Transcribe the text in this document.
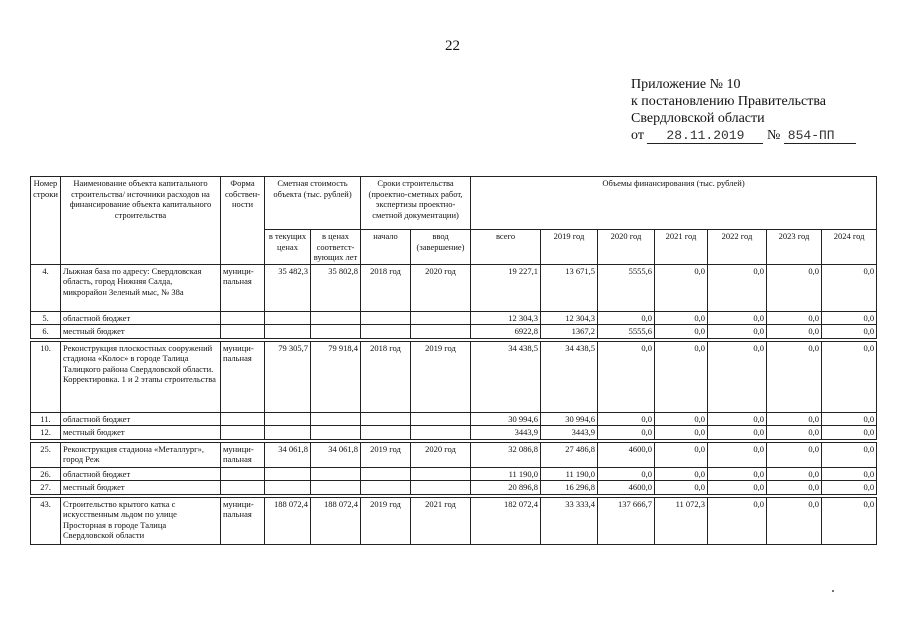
22
Приложение № 10
к постановлению Правительства
Свердловской области
от 28.11.2019 № 854-ПП
Номер строки	Наименование объекта капитального строительства/ источники расходов на финансирование объекта капитального строительства	Форма собствен- ности	Сметная стоимость объекта (тыс. рублей)		Сроки строительства (проектно-сметных работ, экспертизы проектно-сметной документации)		Объемы финансирования (тыс. рублей)						
			в текущих ценах	в ценах соответст- вующих лет	начало	ввод (завершение)	всего	2019 год	2020 год	2021 год	2022 год	2023 год	2024 год
4.	Лыжная база по адресу: Свердловская область, город Нижняя Салда, микрорайон Зеленый мыс, № 38а	муници- пальная	35 482,3	35 802,8	2018 год	2020 год	19 227,1	13 671,5	5555,6	0,0	0,0	0,0	0,0
5.	областной бюджет						12 304,3	12 304,3	0,0	0,0	0,0	0,0	0,0
6.	местный бюджет						6922,8	1367,2	5555,6	0,0	0,0	0,0	0,0

10.	Реконструкция плоскостных сооружений стадиона «Колос» в городе Талица Талицкого района Свердловской области. Корректировка. 1 и 2 этапы строительства	муници- пальная	79 305,7	79 918,4	2018 год	2019 год	34 438,5	34 438,5	0,0	0,0	0,0	0,0	0,0
11.	областной бюджет						30 994,6	30 994,6	0,0	0,0	0,0	0,0	0,0
12.	местный бюджет						3443,9	3443,9	0,0	0,0	0,0	0,0	0,0

25.	Реконструкция стадиона «Металлург», город Реж	муници- пальная	34 061,8	34 061,8	2019 год	2020 год	32 086,8	27 486,8	4600,0	0,0	0,0	0,0	0,0
26.	областной бюджет						11 190,0	11 190,0	0,0	0,0	0,0	0,0	0,0
27.	местный бюджет						20 896,8	16 296,8	4600,0	0,0	0,0	0,0	0,0

43.	Строительство крытого катка с искусственным льдом по улице Просторная в городе Талица Свердловской области	муници- пальная	188 072,4	188 072,4	2019 год	2021 год	182 072,4	33 333,4	137 666,7	11 072,3	0,0	0,0	0,0
